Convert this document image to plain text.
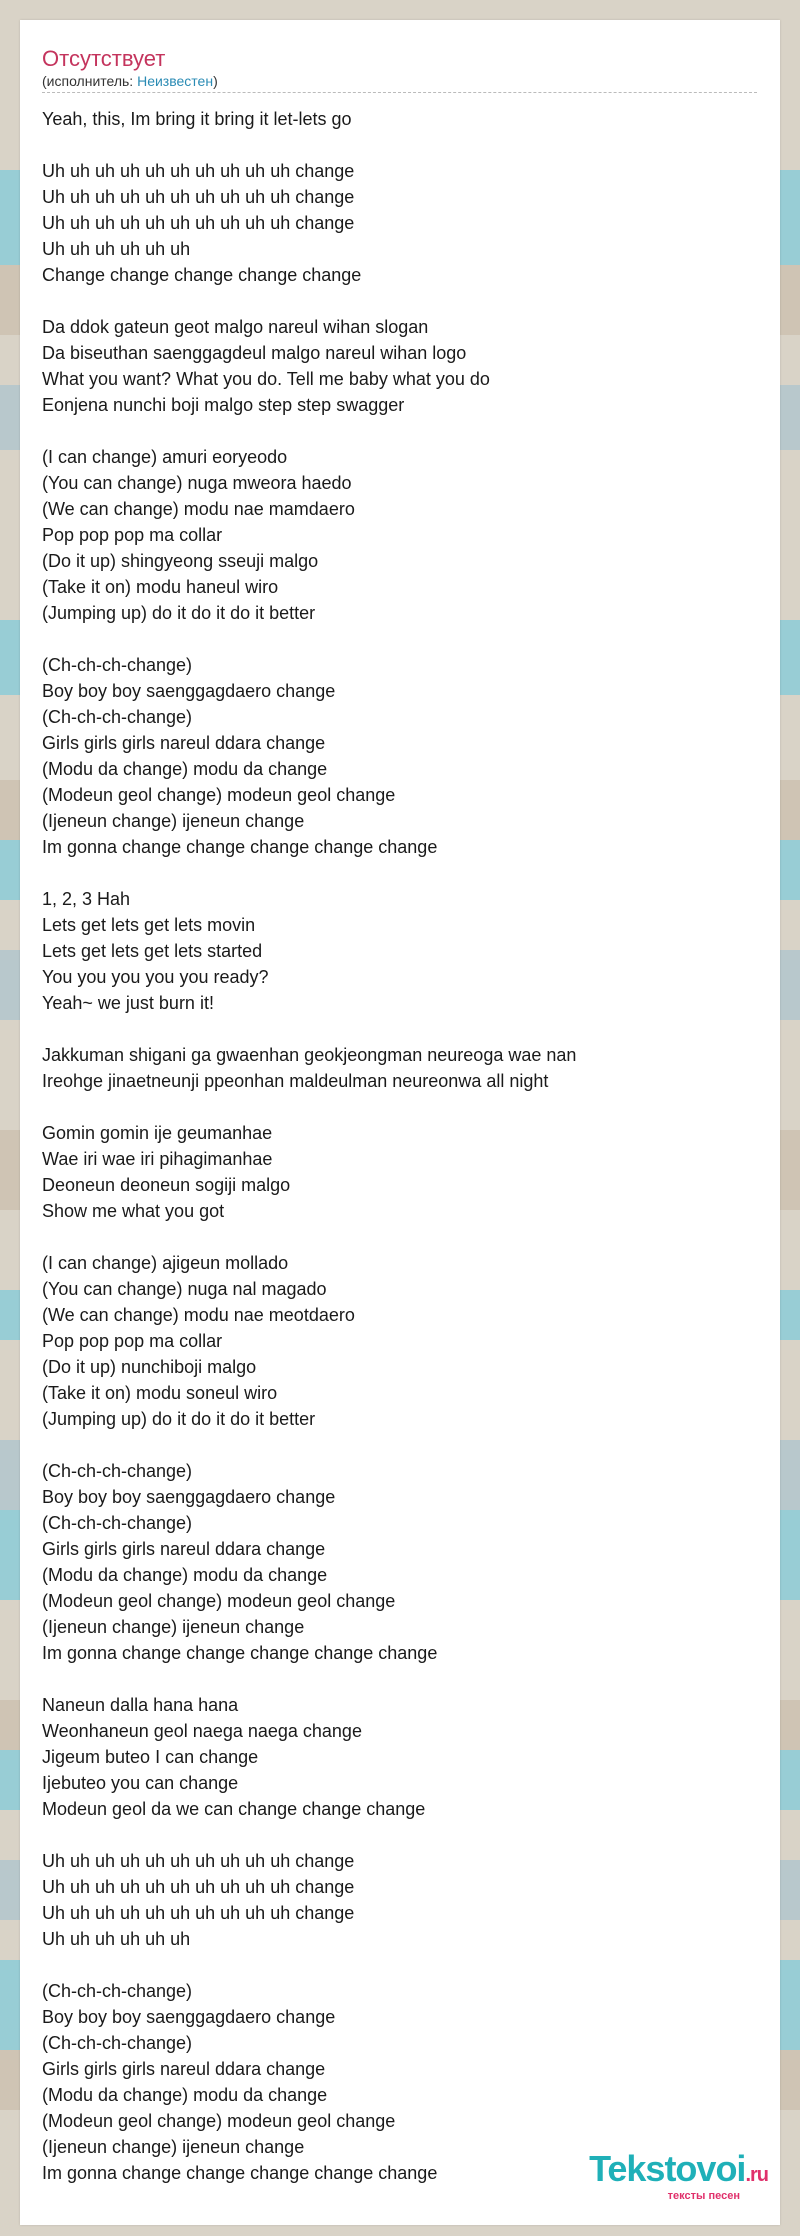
Отсутствует
(исполнитель: Неизвестен)
Yeah, this, Im bring it bring it let-lets go
Uh uh uh uh uh uh uh uh uh uh change
Uh uh uh uh uh uh uh uh uh uh change
Uh uh uh uh uh uh uh uh uh uh change
Uh uh uh uh uh uh
Change change change change change
Da ddok gateun geot malgo nareul wihan slogan
Da biseuthan saenggagdeul malgo nareul wihan logo
What you want? What you do. Tell me baby what you do
Eonjena nunchi boji malgo step step swagger
(I can change) amuri eoryeodo
(You can change) nuga mweora haedo
(We can change) modu nae mamdaero
Pop pop pop ma collar
(Do it up) shingyeong sseuji malgo
(Take it on) modu haneul wiro
(Jumping up) do it do it do it better
(Ch-ch-ch-change)
Boy boy boy saenggagdaero change
(Ch-ch-ch-change)
Girls girls girls nareul ddara change
(Modu da change) modu da change
(Modeun geol change) modeun geol change
(Ijeneun change) ijeneun change
Im gonna change change change change change
1, 2, 3 Hah
Lets get lets get lets movin
Lets get lets get lets started
You you you you you ready?
Yeah~ we just burn it!
Jakkuman shigani ga gwaenhan geokjeongman neureoga wae nan
Ireohge jinaetneunji ppeonhan maldeulman neureonwa all night
Gomin gomin ije geumanhae
Wae iri wae iri pihagimanhae
Deoneun deoneun sogiji malgo
Show me what you got
(I can change) ajigeun mollado
(You can change) nuga nal magado
(We can change) modu nae meotdaero
Pop pop pop ma collar
(Do it up) nunchiboji malgo
(Take it on) modu soneul wiro
(Jumping up) do it do it do it better
(Ch-ch-ch-change)
Boy boy boy saenggagdaero change
(Ch-ch-ch-change)
Girls girls girls nareul ddara change
(Modu da change) modu da change
(Modeun geol change) modeun geol change
(Ijeneun change) ijeneun change
Im gonna change change change change change
Naneun dalla hana hana
Weonhaneun geol naega naega change
Jigeum buteo I can change
Ijebuteo you can change
Modeun geol da we can change change change
Uh uh uh uh uh uh uh uh uh uh change
Uh uh uh uh uh uh uh uh uh uh change
Uh uh uh uh uh uh uh uh uh uh change
Uh uh uh uh uh uh
(Ch-ch-ch-change)
Boy boy boy saenggagdaero change
(Ch-ch-ch-change)
Girls girls girls nareul ddara change
(Modu da change) modu da change
(Modeun geol change) modeun geol change
(Ijeneun change) ijeneun change
Im gonna change change change change change	Tekstovoi.ru
тексты песен
